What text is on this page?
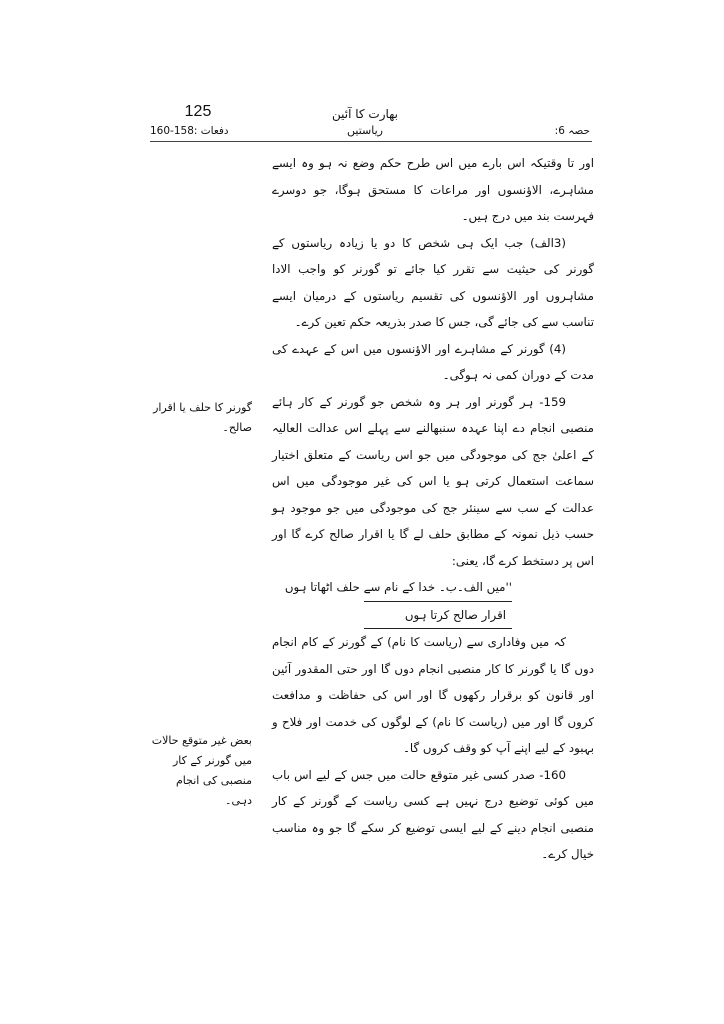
125	بھارت کا آئین
ریاستیں
دفعات :158-160	حصہ 6:

اور تا وقتیکہ اس بارے میں اس طرح حکم وضع نہ ہو وہ ایسے مشاہرے، الاؤنسوں اور مراعات کا مستحق ہوگا، جو دوسرے فہرست بند میں درج ہیں۔

(3الف) جب ایک ہی شخص کا دو یا زیادہ ریاستوں کے گورنر کی حیثیت سے تقرر کیا جائے تو گورنر کو واجب الادا مشاہروں اور الاؤنسوں کی تقسیم ریاستوں کے درمیان ایسے تناسب سے کی جائے گی، جس کا صدر بذریعہ حکم تعین کرے۔

(4) گورنر کے مشاہرے اور الاؤنسوں میں اس کے عہدے کی مدت کے دوران کمی نہ ہوگی۔

159- ہر گورنر اور ہر وہ شخص جو گورنر کے کار ہائے منصبی انجام دے اپنا عہدہ سنبھالنے سے پہلے اس عدالت العالیہ کے اعلیٰ جج کی موجودگی میں جو اس ریاست کے متعلق اختیار سماعت استعمال کرتی ہو یا اس کی غیر موجودگی میں اس عدالت کے سب سے سینئر جج کی موجودگی میں جو موجود ہو حسب ذیل نمونہ کے مطابق حلف لے گا یا اقرار صالح کرے گا اور اس پر دستخط کرے گا، یعنی:

''میں الف۔ب۔ خدا کے نام سے حلف اٹھاتا ہوں
اقرار صالح کرتا ہوں

کہ میں وفاداری سے (ریاست کا نام) کے گورنر کے کام انجام دوں گا یا گورنر کا کار منصبی انجام دوں گا اور حتی المقدور آئین اور قانون کو برقرار رکھوں گا اور اس کی حفاظت و مدافعت کروں گا اور میں (ریاست کا نام) کے لوگوں کی خدمت اور فلاح و بہبود کے لیے اپنے آپ کو وقف کروں گا۔

160- صدر کسی غیر متوقع حالت میں جس کے لیے اس باب میں کوئی توضیع درج نہیں ہے کسی ریاست کے گورنر کے کار منصبی انجام دینے کے لیے ایسی توضیع کر سکے گا جو وہ مناسب خیال کرے۔

گورنر کا حلف یا اقرار صالح۔
بعض غیر متوقع حالات میں گورنر کے کار منصبی کی انجام دہی۔
